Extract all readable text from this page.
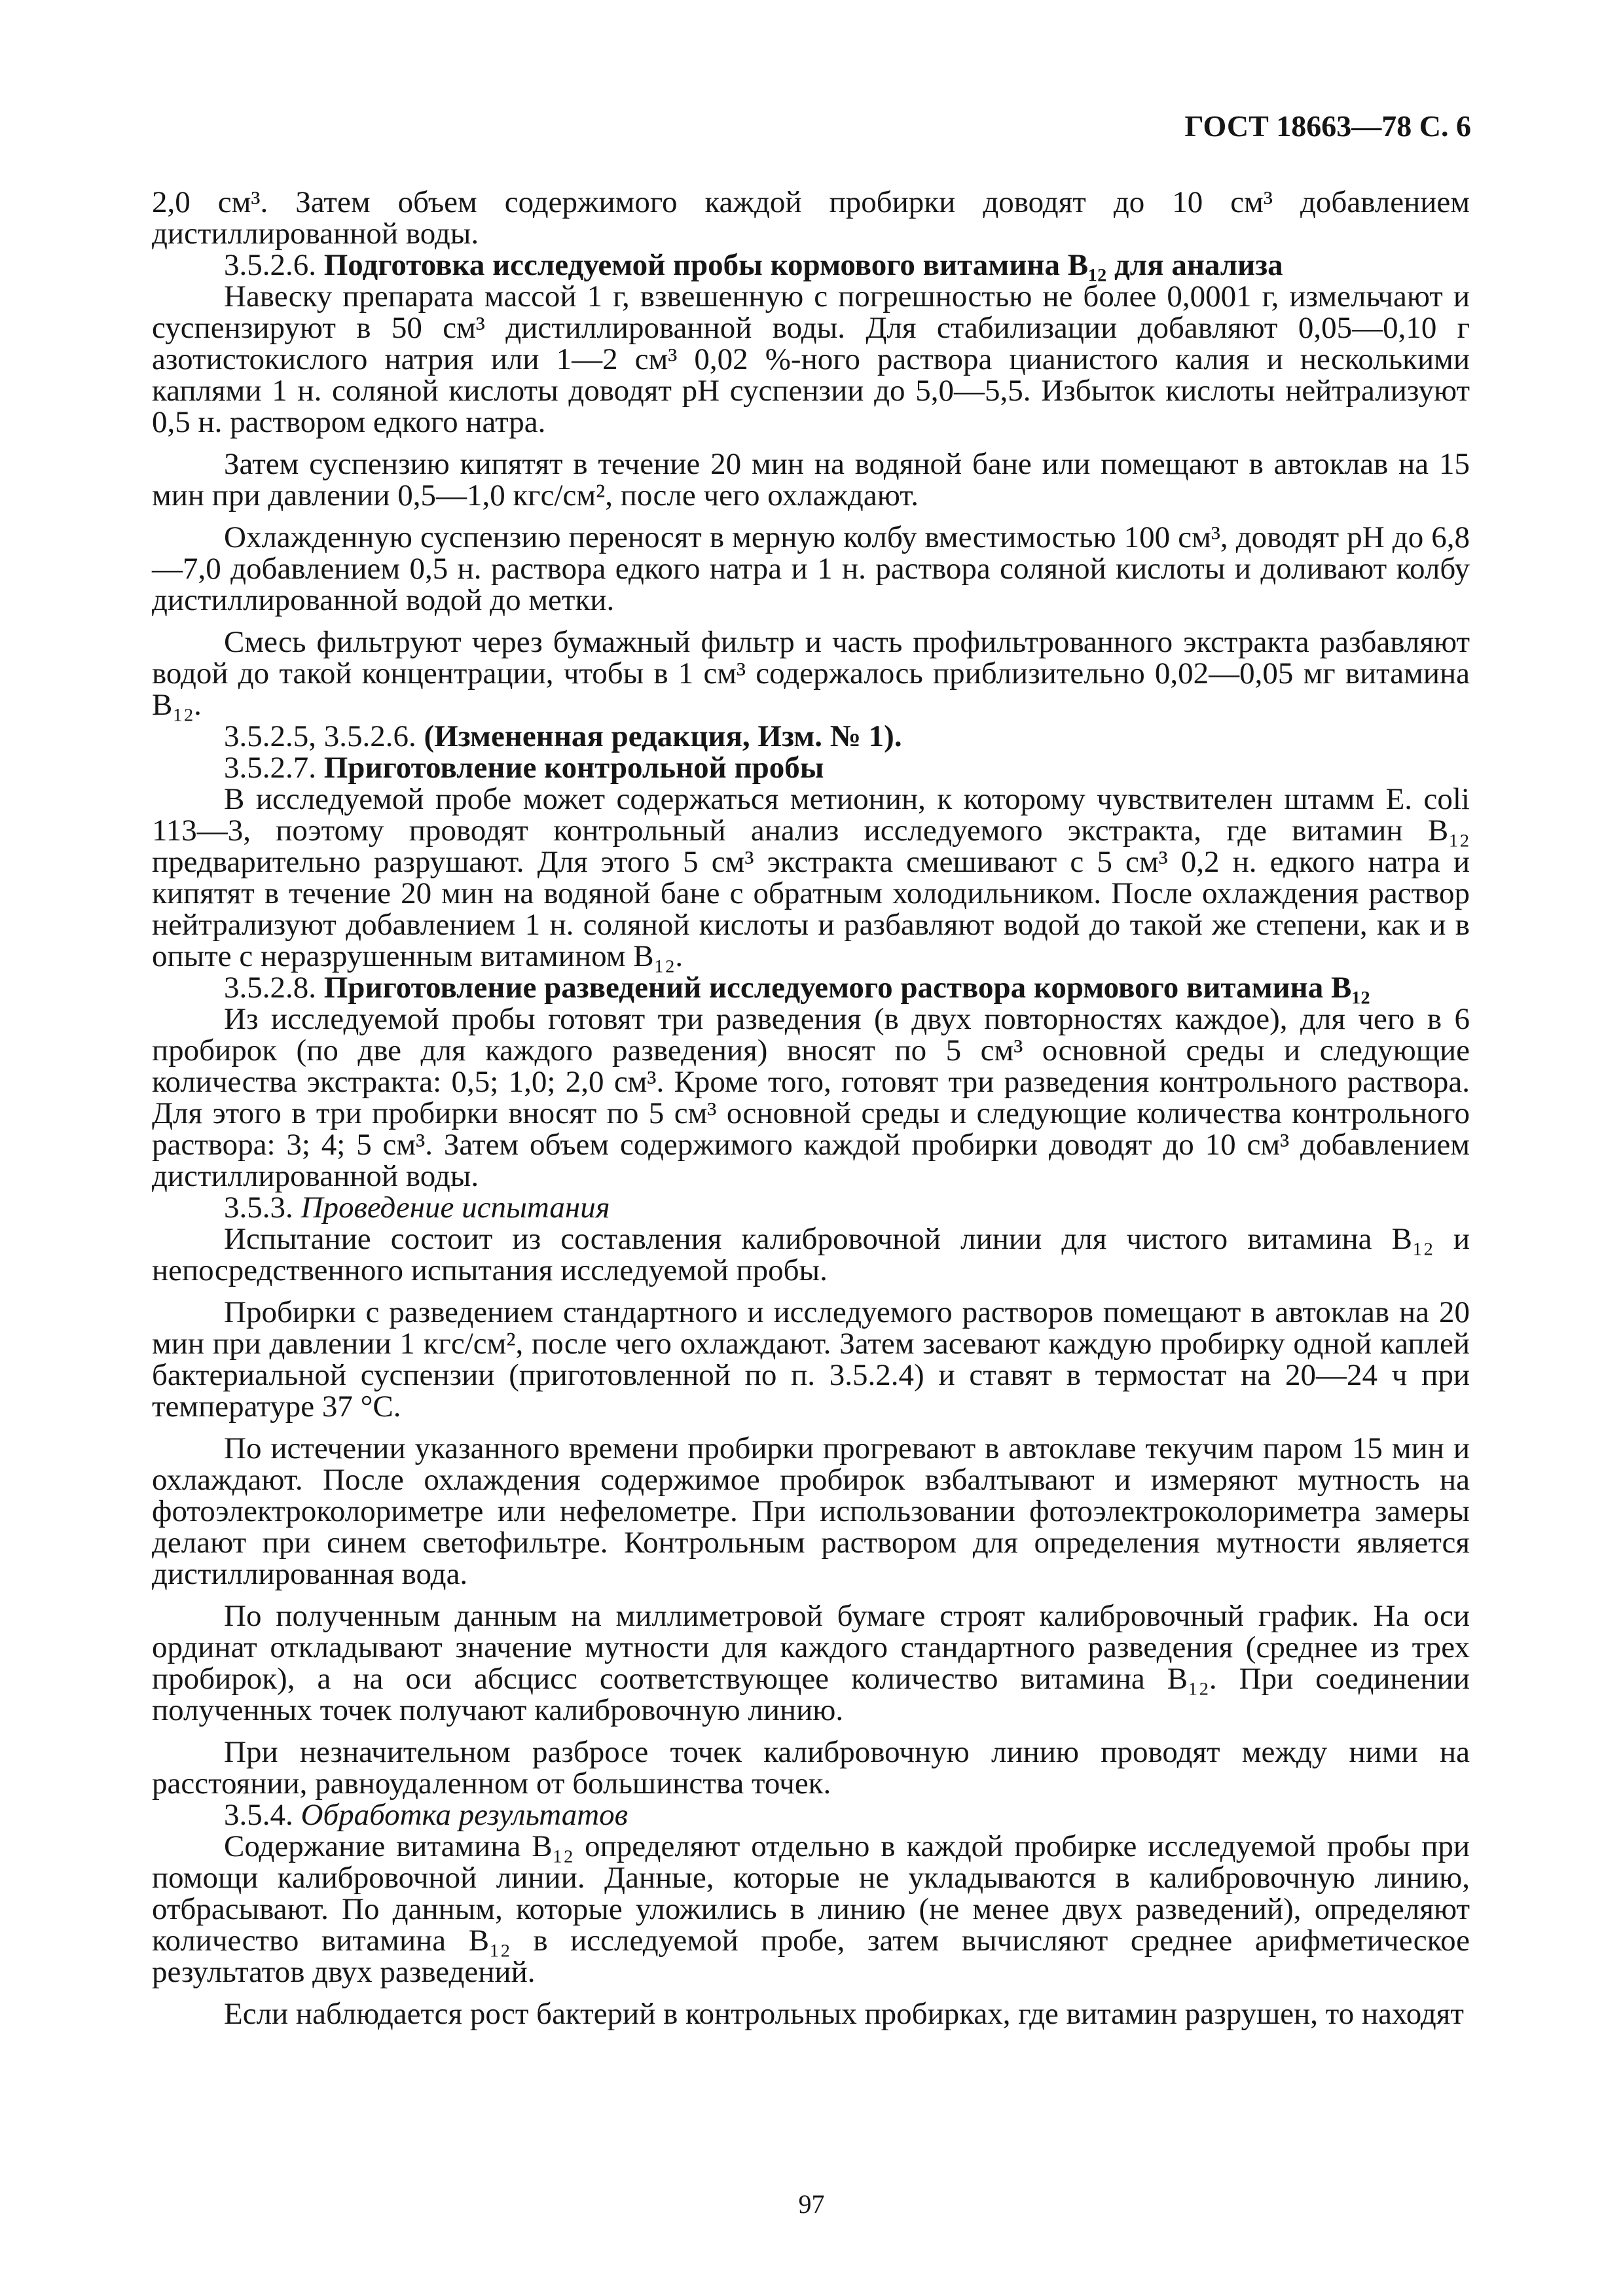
ГОСТ 18663—78 С. 6

2,0 см³. Затем объем содержимого каждой пробирки доводят до 10 см³ добавлением дистиллированной воды.

3.5.2.6. Подготовка исследуемой пробы кормового витамина B₁₂ для анализа

Навеску препарата массой 1 г, взвешенную с погрешностью не более 0,0001 г, измельчают и суспензируют в 50 см³ дистиллированной воды. Для стабилизации добавляют 0,05—0,10 г азотистокислого натрия или 1—2 см³ 0,02 %-ного раствора цианистого калия и несколькими каплями 1 н. соляной кислоты доводят pH суспензии до 5,0—5,5. Избыток кислоты нейтрализуют 0,5 н. раствором едкого натра.

Затем суспензию кипятят в течение 20 мин на водяной бане или помещают в автоклав на 15 мин при давлении 0,5—1,0 кгс/см², после чего охлаждают.

Охлажденную суспензию переносят в мерную колбу вместимостью 100 см³, доводят pH до 6,8—7,0 добавлением 0,5 н. раствора едкого натра и 1 н. раствора соляной кислоты и доливают колбу дистиллированной водой до метки.

Смесь фильтруют через бумажный фильтр и часть профильтрованного экстракта разбавляют водой до такой концентрации, чтобы в 1 см³ содержалось приблизительно 0,02—0,05 мг витамина B₁₂.

3.5.2.5, 3.5.2.6. (Измененная редакция, Изм. № 1).

3.5.2.7. Приготовление контрольной пробы

В исследуемой пробе может содержаться метионин, к которому чувствителен штамм E. coli 113—3, поэтому проводят контрольный анализ исследуемого экстракта, где витамин B₁₂ предварительно разрушают. Для этого 5 см³ экстракта смешивают с 5 см³ 0,2 н. едкого натра и кипятят в течение 20 мин на водяной бане с обратным холодильником. После охлаждения раствор нейтрализуют добавлением 1 н. соляной кислоты и разбавляют водой до такой же степени, как и в опыте с неразрушенным витамином B₁₂.

3.5.2.8. Приготовление разведений исследуемого раствора кормового витамина B₁₂

Из исследуемой пробы готовят три разведения (в двух повторностях каждое), для чего в 6 пробирок (по две для каждого разведения) вносят по 5 см³ основной среды и следующие количества экстракта: 0,5; 1,0; 2,0 см³. Кроме того, готовят три разведения контрольного раствора. Для этого в три пробирки вносят по 5 см³ основной среды и следующие количества контрольного раствора: 3; 4; 5 см³. Затем объем содержимого каждой пробирки доводят до 10 см³ добавлением дистиллированной воды.

3.5.3. Проведение испытания

Испытание состоит из составления калибровочной линии для чистого витамина B₁₂ и непосредственного испытания исследуемой пробы.

Пробирки с разведением стандартного и исследуемого растворов помещают в автоклав на 20 мин при давлении 1 кгс/см², после чего охлаждают. Затем засевают каждую пробирку одной каплей бактериальной суспензии (приготовленной по п. 3.5.2.4) и ставят в термостат на 20—24 ч при температуре 37 °C.

По истечении указанного времени пробирки прогревают в автоклаве текучим паром 15 мин и охлаждают. После охлаждения содержимое пробирок взбалтывают и измеряют мутность на фотоэлектроколориметре или нефелометре. При использовании фотоэлектроколориметра замеры делают при синем светофильтре. Контрольным раствором для определения мутности является дистиллированная вода.

По полученным данным на миллиметровой бумаге строят калибровочный график. На оси ординат откладывают значение мутности для каждого стандартного разведения (среднее из трех пробирок), а на оси абсцисс соответствующее количество витамина B₁₂. При соединении полученных точек получают калибровочную линию.

При незначительном разбросе точек калибровочную линию проводят между ними на расстоянии, равноудаленном от большинства точек.

3.5.4. Обработка результатов

Содержание витамина B₁₂ определяют отдельно в каждой пробирке исследуемой пробы при помощи калибровочной линии. Данные, которые не укладываются в калибровочную линию, отбрасывают. По данным, которые уложились в линию (не менее двух разведений), определяют количество витамина B₁₂ в исследуемой пробе, затем вычисляют среднее арифметическое результатов двух разведений.

Если наблюдается рост бактерий в контрольных пробирках, где витамин разрушен, то находят

97
